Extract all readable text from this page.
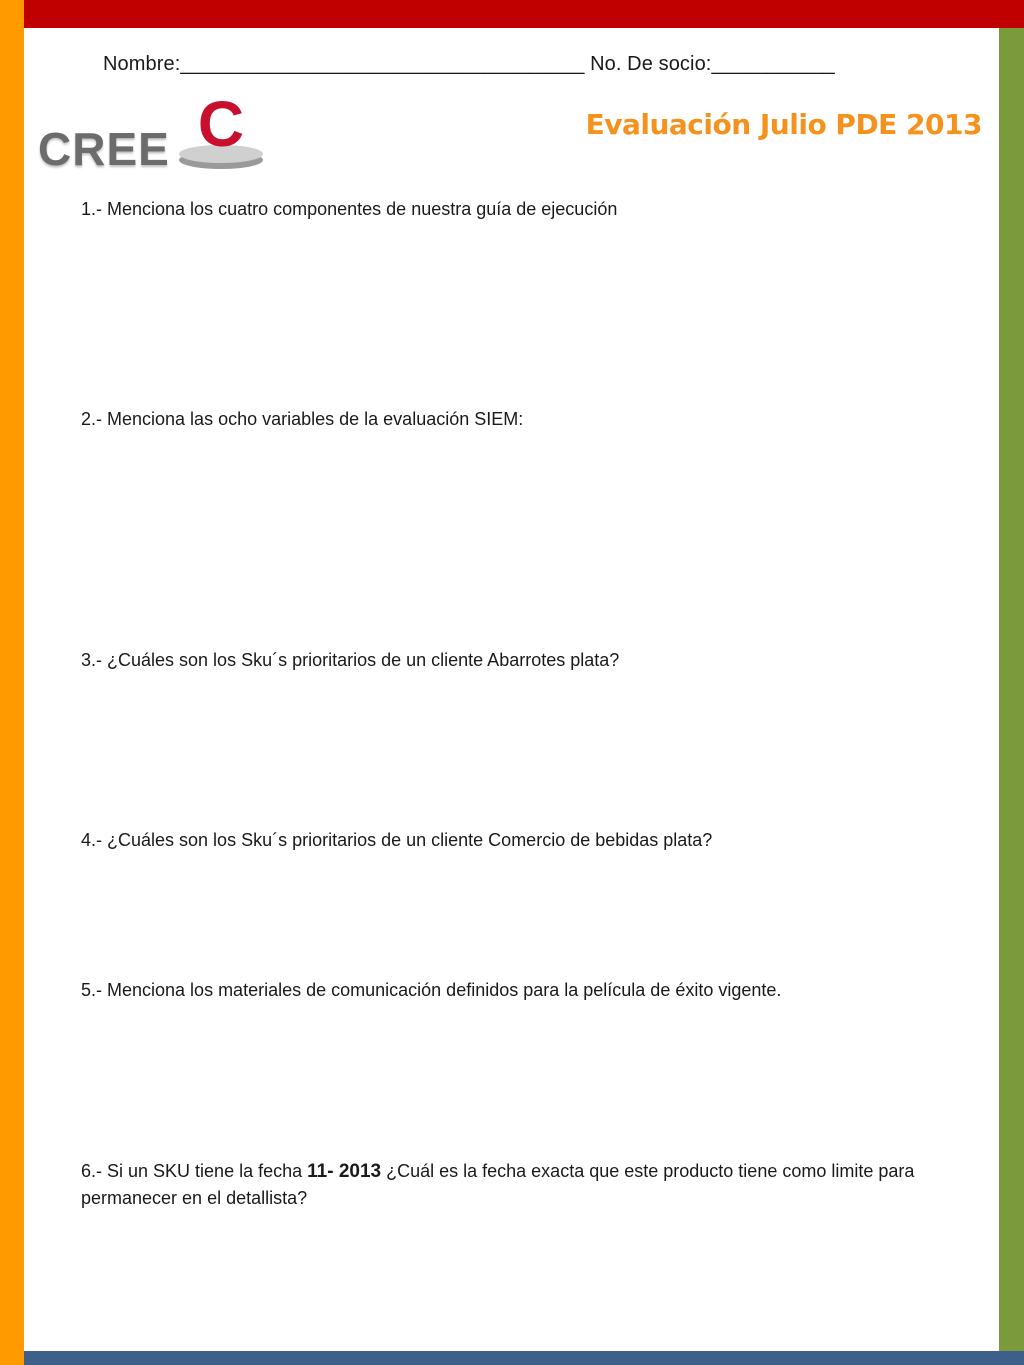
Nombre:____________________________________ No. De socio:___________
CREE C	Evaluación Julio PDE 2013
1.- Menciona los cuatro componentes de nuestra guía de ejecución
2.- Menciona las ocho variables de la evaluación SIEM:
3.- ¿Cuáles son los Sku´s prioritarios de un cliente Abarrotes plata?
4.- ¿Cuáles son los Sku´s prioritarios de un cliente Comercio de bebidas plata?
5.- Menciona los materiales de comunicación definidos para la película de éxito vigente.
6.- Si un SKU tiene la fecha 11- 2013 ¿Cuál es la fecha exacta que este producto tiene como limite para permanecer en el detallista?
